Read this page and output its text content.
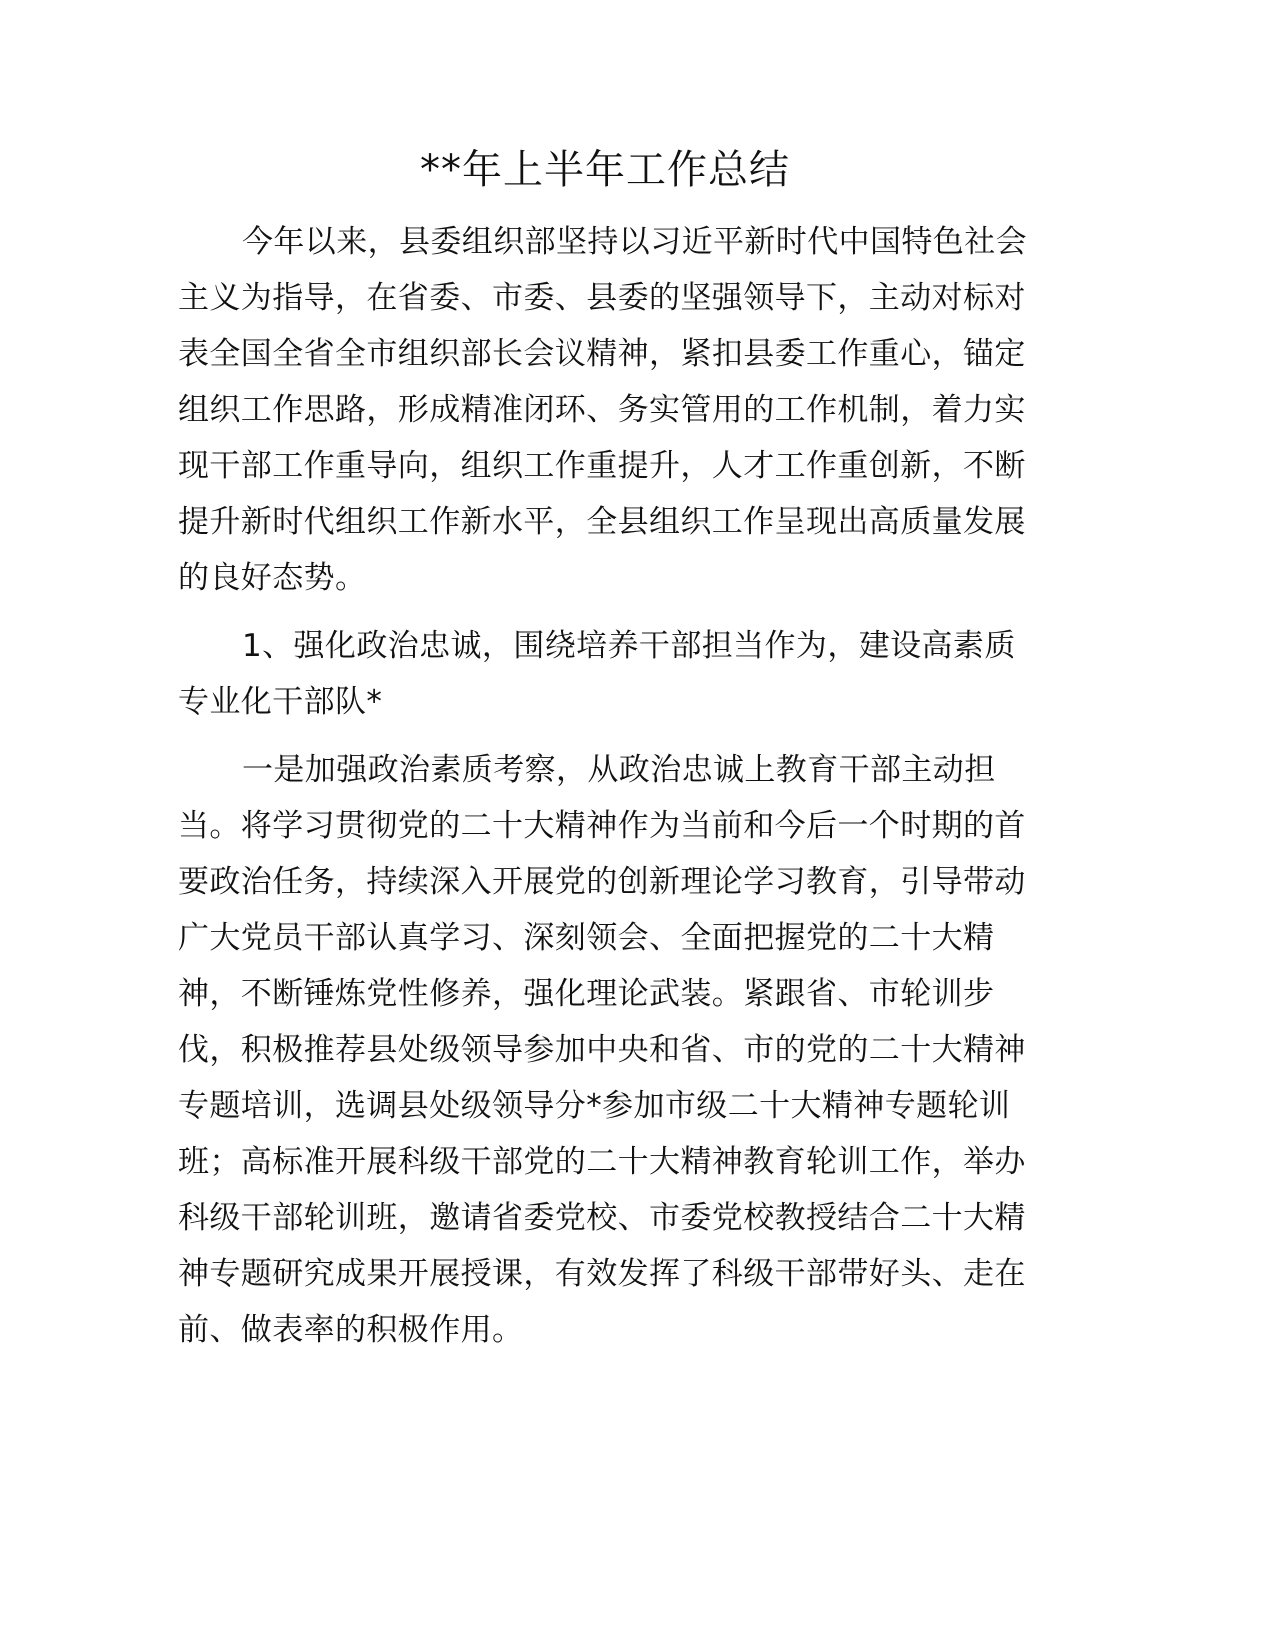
**年上半年工作总结
今年以来，县委组织部坚持以习近平新时代中国特色社会
主义为指导，在省委、市委、县委的坚强领导下，主动对标对
表全国全省全市组织部长会议精神，紧扣县委工作重心，锚定
组织工作思路，形成精准闭环、务实管用的工作机制，着力实
现干部工作重导向，组织工作重提升，人才工作重创新，不断
提升新时代组织工作新水平，全县组织工作呈现出高质量发展
的良好态势。
1、强化政治忠诚，围绕培养干部担当作为，建设高素质
专业化干部队*
一是加强政治素质考察，从政治忠诚上教育干部主动担
当。将学习贯彻党的二十大精神作为当前和今后一个时期的首
要政治任务，持续深入开展党的创新理论学习教育，引导带动
广大党员干部认真学习、深刻领会、全面把握党的二十大精
神，不断锤炼党性修养，强化理论武装。紧跟省、市轮训步
伐，积极推荐县处级领导参加中央和省、市的党的二十大精神
专题培训，选调县处级领导分*参加市级二十大精神专题轮训
班；高标准开展科级干部党的二十大精神教育轮训工作，举办
科级干部轮训班，邀请省委党校、市委党校教授结合二十大精
神专题研究成果开展授课，有效发挥了科级干部带好头、走在
前、做表率的积极作用。
